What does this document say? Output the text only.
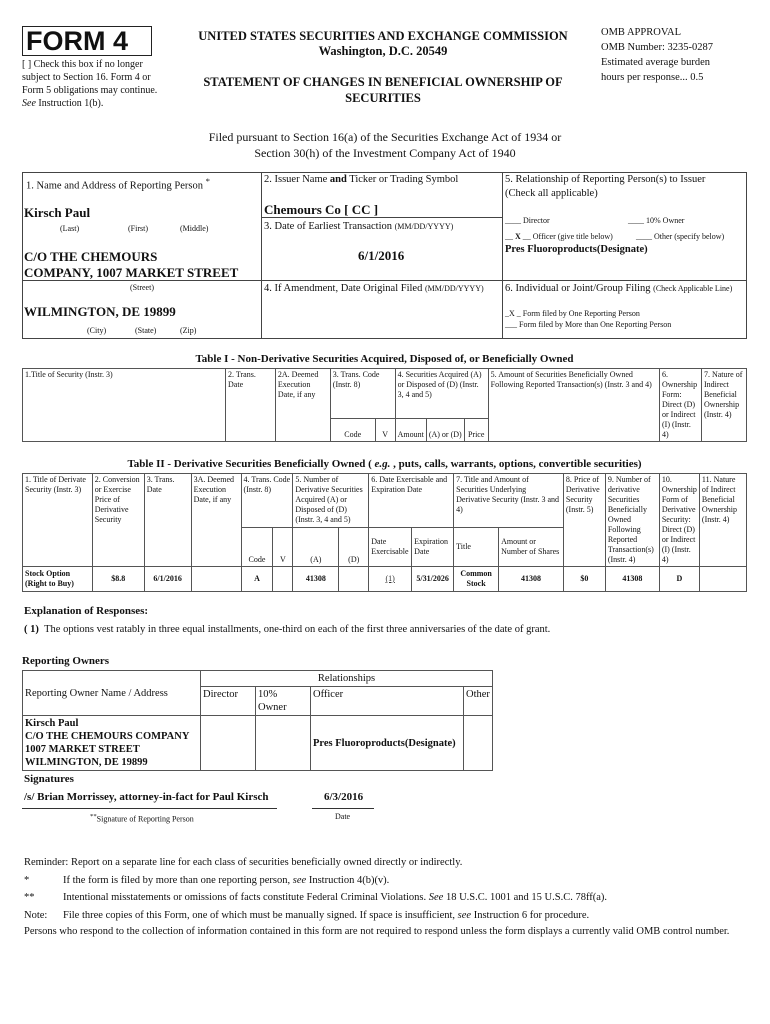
FORM 4
[ ] Check this box if no longer subject to Section 16. Form 4 or Form 5 obligations may continue. See Instruction 1(b).
UNITED STATES SECURITIES AND EXCHANGE COMMISSION
Washington, D.C. 20549
STATEMENT OF CHANGES IN BENEFICIAL OWNERSHIP OF
SECURITIES
OMB APPROVAL
OMB Number: 3235-0287
Estimated average burden
hours per response... 0.5
Filed pursuant to Section 16(a) of the Securities Exchange Act of 1934 or
Section 30(h) of the Investment Company Act of 1940
1. Name and Address of Reporting Person *
Kirsch Paul
(Last)	(First)	(Middle)
C/O THE CHEMOURS
COMPANY, 1007 MARKET STREET
(Street)
WILMINGTON, DE 19899
(City)	(State)	(Zip)
2. Issuer Name and Ticker or Trading Symbol
Chemours Co [ CC ]
3. Date of Earliest Transaction (MM/DD/YYYY)
6/1/2016
4. If Amendment, Date Original Filed (MM/DD/YYYY)
5. Relationship of Reporting Person(s) to Issuer
(Check all applicable)
____ Director	____ 10% Owner
__ X __ Officer (give title below)	____ Other (specify below)
Pres Fluoroproducts(Designate)
6. Individual or Joint/Group Filing (Check Applicable Line)
_X _ Form filed by One Reporting Person
___ Form filed by More than One Reporting Person
Table I - Non-Derivative Securities Acquired, Disposed of, or Beneficially Owned
1.Title of Security (Instr. 3)	2. Trans. Date	2A. Deemed Execution Date, if any	3. Trans. Code (Instr. 8)		4. Securities Acquired (A) or Disposed of (D) (Instr. 3, 4 and 5)			5. Amount of Securities Beneficially Owned Following Reported Transaction(s) (Instr. 3 and 4)	6. Ownership Form: Direct (D) or Indirect (I) (Instr. 4)	7. Nature of Indirect Beneficial Ownership (Instr. 4)
			Code	V	Amount	(A) or (D)	Price			
Table II - Derivative Securities Beneficially Owned ( e.g. , puts, calls, warrants, options, convertible securities)
1. Title of Derivate Security (Instr. 3)	2. Conversion or Exercise Price of Derivative Security	3. Trans. Date	3A. Deemed Execution Date, if any	4. Trans. Code (Instr. 8)		5. Number of Derivative Securities Acquired (A) or Disposed of (D) (Instr. 3, 4 and 5)		6. Date Exercisable and Expiration Date		7. Title and Amount of Securities Underlying Derivative Security (Instr. 3 and 4)		8. Price of Derivative Security (Instr. 5)	9. Number of derivative Securities Beneficially Owned Following Reported Transaction(s) (Instr. 4)	10. Ownership Form of Derivative Security: Direct (D) or Indirect (I) (Instr. 4)	11. Nature of Indirect Beneficial Ownership (Instr. 4)
				Code	V	(A)	(D)	Date Exercisable	Expiration Date	Title	Amount or Number of Shares				
Stock Option (Right to Buy)	$8.8	6/1/2016		A		41308		(1)	5/31/2026	Common Stock	41308	$0	41308	D	
Explanation of Responses:
( 1) The options vest ratably in three equal installments, one-third on each of the first three anniversaries of the date of grant.
Reporting Owners
Reporting Owner Name / Address	Relationships			
	Director	10% Owner	Officer	Other

Kirsch Paul
C/O THE CHEMOURS COMPANY
1007 MARKET STREET
WILMINGTON, DE 19899			Pres Fluoroproducts(Designate)	
Signatures
/s/ Brian Morrissey, attorney-in-fact for Paul Kirsch
**Signature of Reporting Person
6/3/2016
Date
Reminder: Report on a separate line for each class of securities beneficially owned directly or indirectly.
*	If the form is filed by more than one reporting person, see Instruction 4(b)(v).
**	Intentional misstatements or omissions of facts constitute Federal Criminal Violations. See 18 U.S.C. 1001 and 15 U.S.C. 78ff(a).
Note:	File three copies of this Form, one of which must be manually signed. If space is insufficient, see Instruction 6 for procedure.
Persons who respond to the collection of information contained in this form are not required to respond unless the form displays a currently valid OMB control number.
